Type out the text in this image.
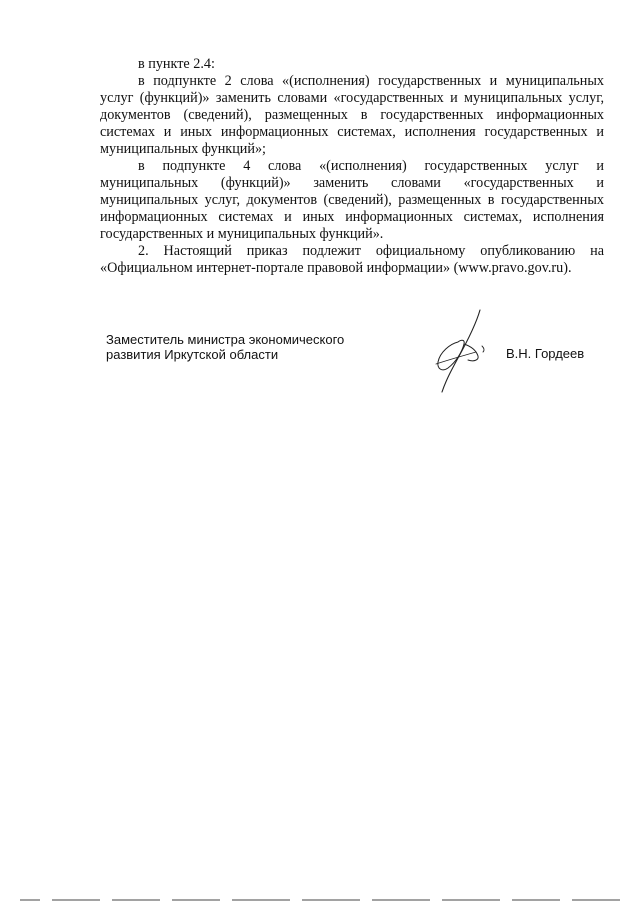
в пункте 2.4:

в подпункте 2 слова «(исполнения) государственных и муниципальных услуг (функций)» заменить словами «государственных и муниципальных услуг, документов (сведений), размещенных в государственных информационных системах и иных информационных системах, исполнения государственных и муниципальных функций»;

в подпункте 4 слова «(исполнения) государственных услуг и муниципальных (функций)» заменить словами «государственных и муниципальных услуг, документов (сведений), размещенных в государственных информационных системах и иных информационных системах, исполнения государственных и муниципальных функций».

2. Настоящий приказ подлежит официальному опубликованию на «Официальном интернет-портале правовой информации» (www.pravo.gov.ru).

Заместитель министра экономического
развития Иркутской области	В.Н. Гордеев
